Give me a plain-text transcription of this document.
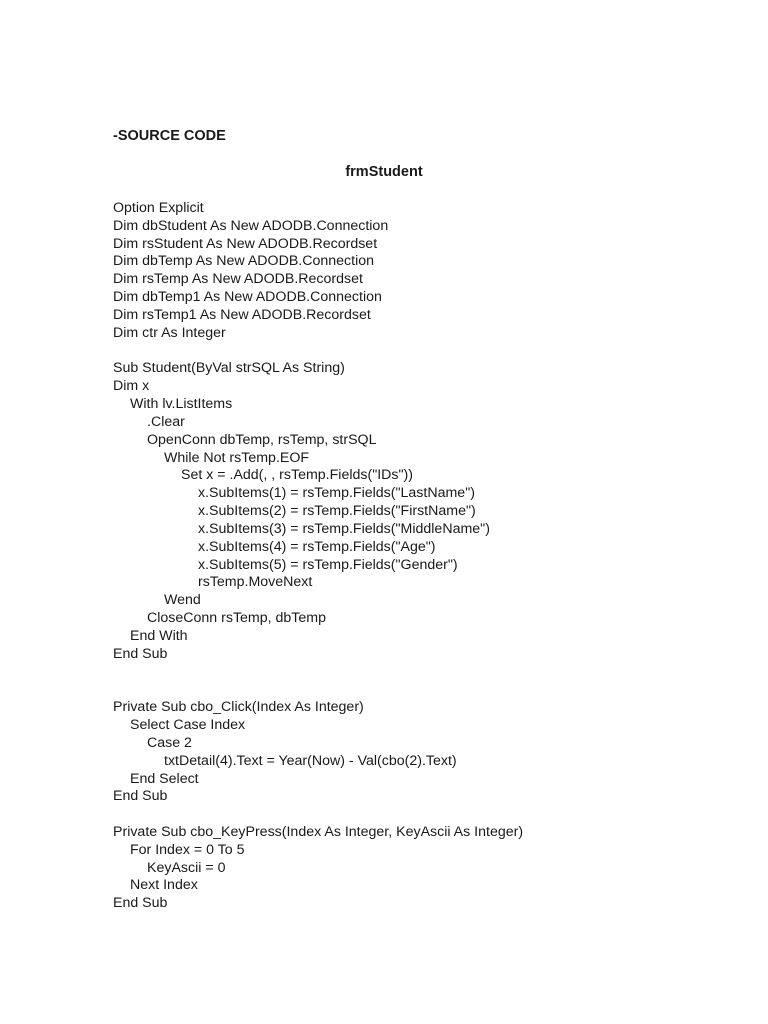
-SOURCE CODE
frmStudent
Option Explicit
Dim dbStudent As New ADODB.Connection
Dim rsStudent As New ADODB.Recordset
Dim dbTemp As New ADODB.Connection
Dim rsTemp As New ADODB.Recordset
Dim dbTemp1 As New ADODB.Connection
Dim rsTemp1 As New ADODB.Recordset
Dim ctr As Integer
Sub Student(ByVal strSQL As String)
Dim x
With lv.ListItems
.Clear
OpenConn dbTemp, rsTemp, strSQL
While Not rsTemp.EOF
Set x = .Add(, , rsTemp.Fields("IDs"))
x.SubItems(1) = rsTemp.Fields("LastName")
x.SubItems(2) = rsTemp.Fields("FirstName")
x.SubItems(3) = rsTemp.Fields("MiddleName")
x.SubItems(4) = rsTemp.Fields("Age")
x.SubItems(5) = rsTemp.Fields("Gender")
rsTemp.MoveNext
Wend
CloseConn rsTemp, dbTemp
End With
End Sub
Private Sub cbo_Click(Index As Integer)
Select Case Index
Case 2
txtDetail(4).Text = Year(Now) - Val(cbo(2).Text)
End Select
End Sub
Private Sub cbo_KeyPress(Index As Integer, KeyAscii As Integer)
For Index = 0 To 5
KeyAscii = 0
Next Index
End Sub
